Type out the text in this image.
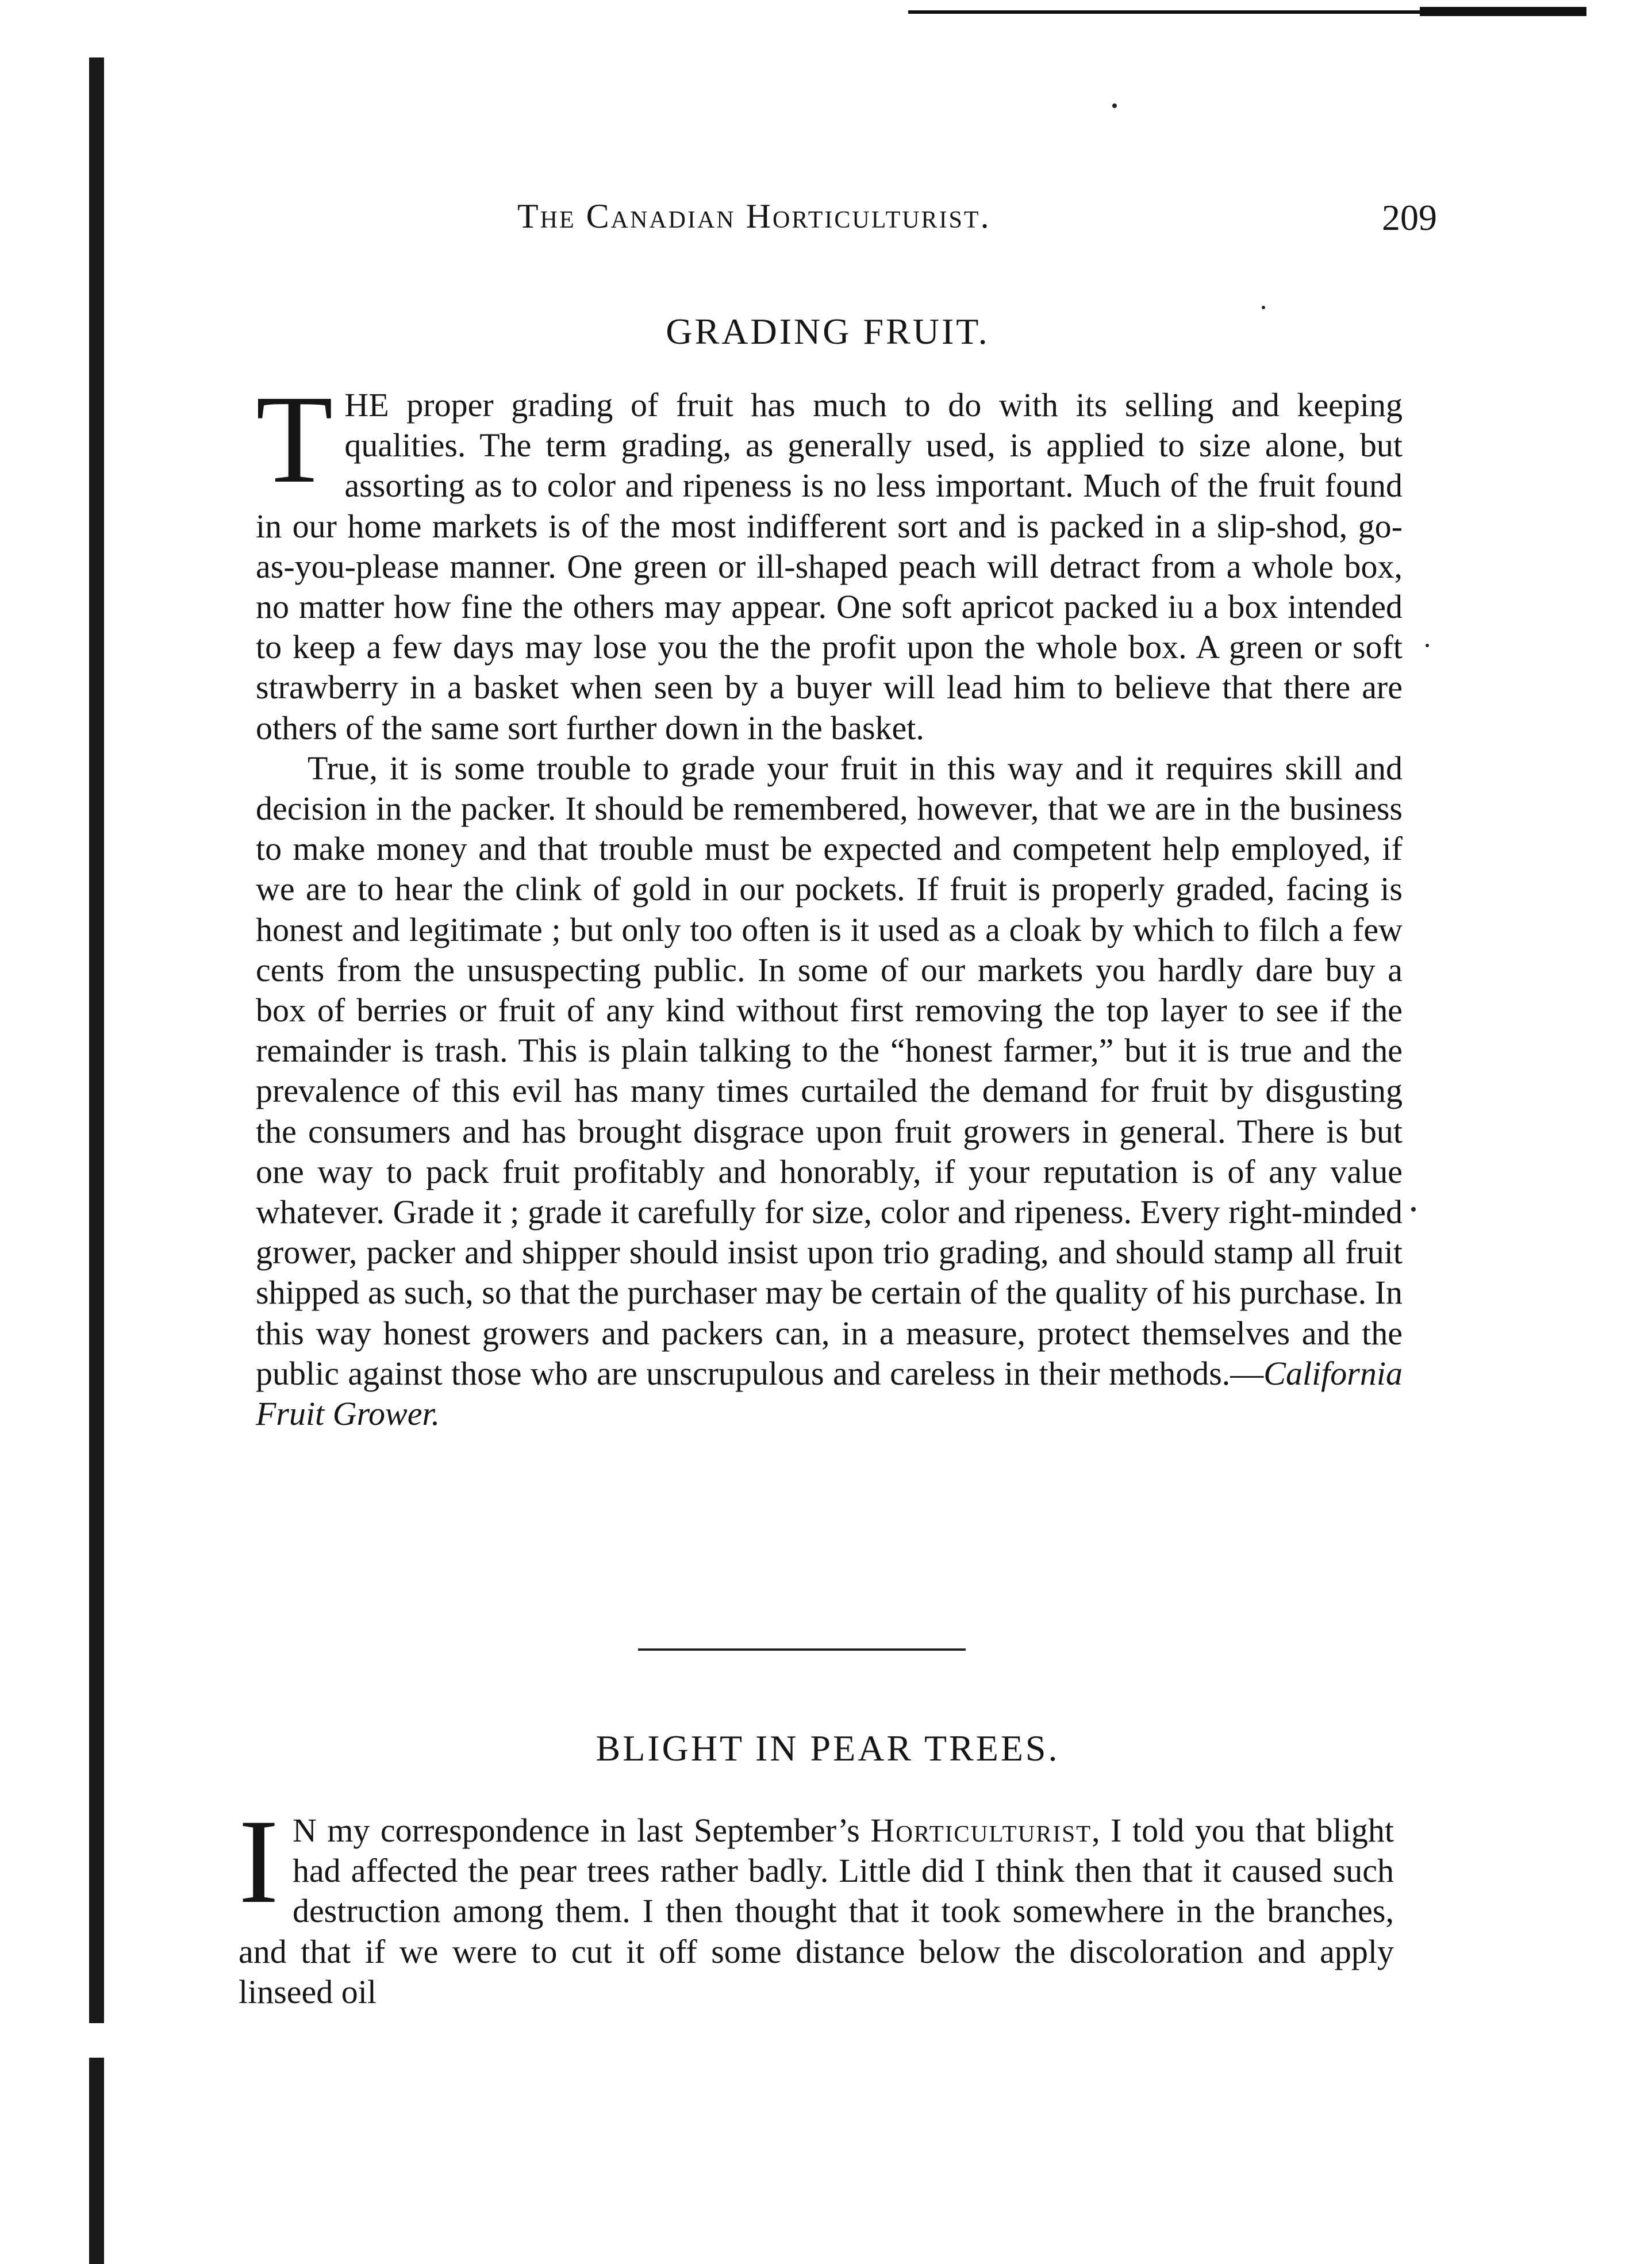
The Canadian Horticulturist.	209
GRADING FRUIT.

THE proper grading of fruit has much to do with its selling and keeping qualities. The term grading, as generally used, is applied to size alone, but assorting as to color and ripeness is no less important. Much of the fruit found in our home markets is of the most indifferent sort and is packed in a slip-shod, go-as-you-please manner. One green or ill-shaped peach will detract from a whole box, no matter how fine the others may appear. One soft apricot packed iu a box intended to keep a few days may lose you the the profit upon the whole box. A green or soft strawberry in a basket when seen by a buyer will lead him to believe that there are others of the same sort further down in the basket.

True, it is some trouble to grade your fruit in this way and it requires skill and decision in the packer. It should be remembered, however, that we are in the business to make money and that trouble must be expected and competent help employed, if we are to hear the clink of gold in our pockets. If fruit is properly graded, facing is honest and legitimate ; but only too often is it used as a cloak by which to filch a few cents from the unsuspecting public. In some of our markets you hardly dare buy a box of berries or fruit of any kind without first removing the top layer to see if the remainder is trash. This is plain talking to the “honest farmer,” but it is true and the prevalence of this evil has many times curtailed the demand for fruit by disgusting the consumers and has brought disgrace upon fruit growers in general. There is but one way to pack fruit profitably and honorably, if your reputation is of any value whatever. Grade it ; grade it carefully for size, color and ripeness. Every right-minded grower, packer and shipper should insist upon trio grading, and should stamp all fruit shipped as such, so that the purchaser may be certain of the quality of his purchase. In this way honest growers and packers can, in a measure, protect themselves and the public against those who are unscrupulous and careless in their methods.—California Fruit Grower.

BLIGHT IN PEAR TREES.

I N my correspondence in last September’s Horticulturist, I told you that blight had affected the pear trees rather badly. Little did I think then that it caused such destruction among them. I then thought that it took somewhere in the branches, and that if we were to cut it off some distance below the discoloration and apply linseed oil
